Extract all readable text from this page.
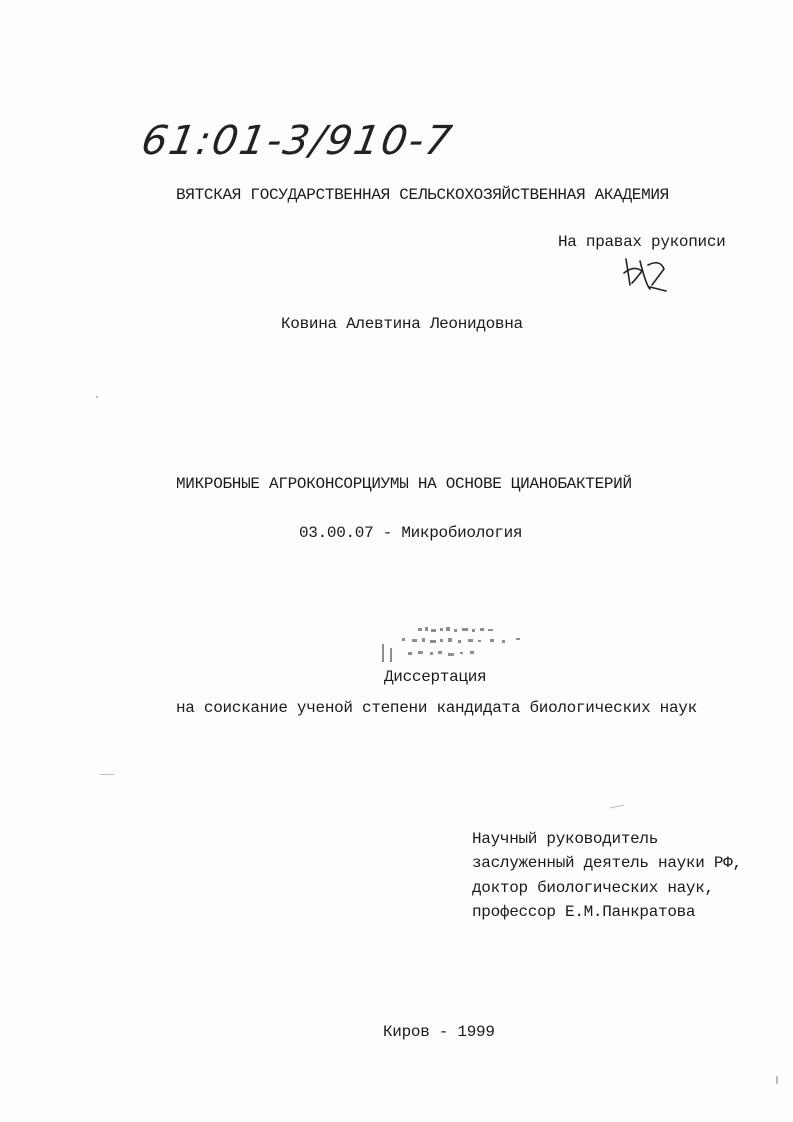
61:01-3/910-7
ВЯТСКАЯ ГОСУДАРСТВЕННАЯ СЕЛЬСКОХОЗЯЙСТВЕННАЯ АКАДЕМИЯ
На правах рукописи
Ковина Алевтина Леонидовна
МИКРОБНЫЕ АГРОКОНСОРЦИУМЫ НА ОСНОВЕ ЦИАНОБАКТЕРИЙ
03.00.07 - Микробиология
Диссертация
на соискание ученой степени кандидата биологических наук
Научный руководитель
заслуженный деятель науки РФ,
доктор биологических наук,
профессор Е.М.Панкратова
Киров - 1999
